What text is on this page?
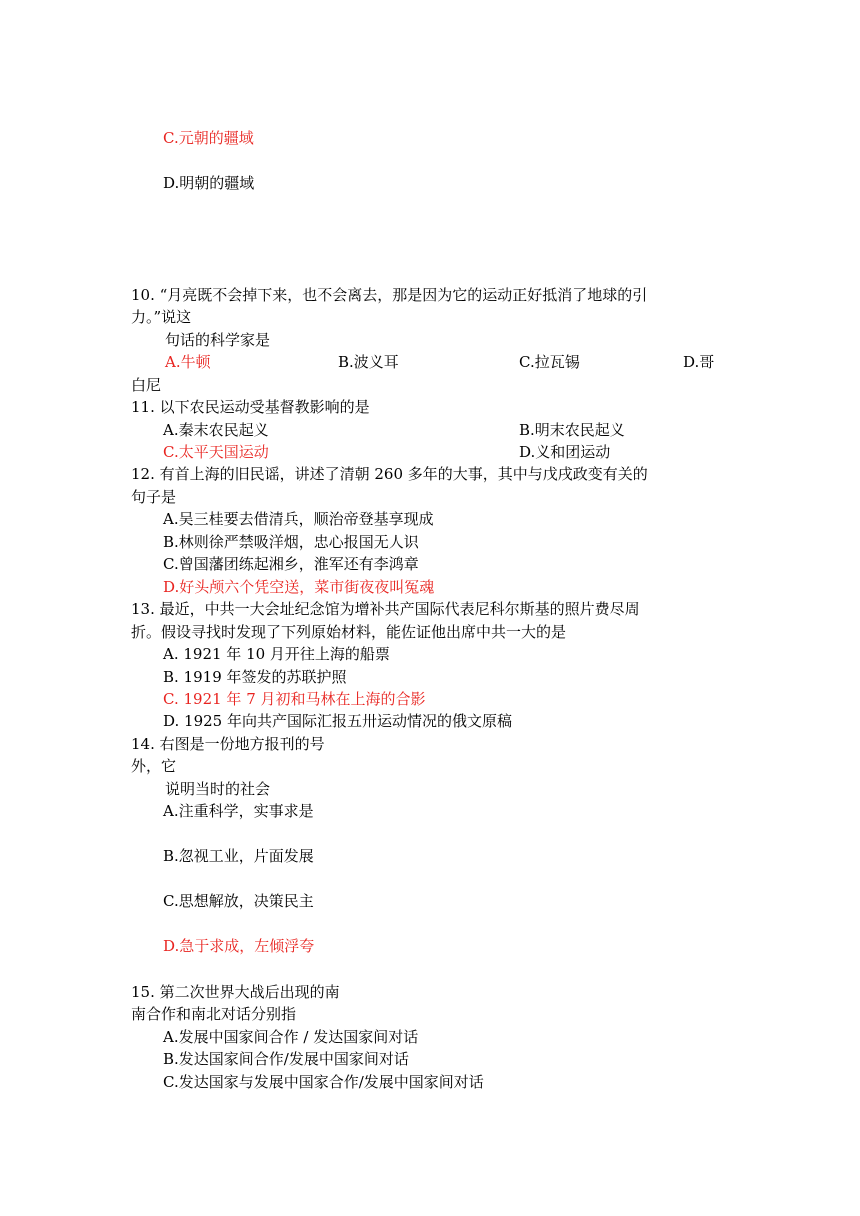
C.元朝的疆域
D.明朝的疆域
10. “月亮既不会掉下来，也不会离去，那是因为它的运动正好抵消了地球的引
力。”说这
句话的科学家是
A.牛顿	B.波义耳	C.拉瓦锡	D.哥
白尼
11. 以下农民运动受基督教影响的是
A.秦末农民起义	B.明末农民起义
C.太平天国运动	D.义和团运动
12. 有首上海的旧民谣，讲述了清朝 260 多年的大事，其中与戊戌政变有关的
句子是
A.吴三桂要去借清兵，顺治帝登基享现成
B.林则徐严禁吸洋烟，忠心报国无人识
C.曾国藩团练起湘乡，淮军还有李鸿章
D.好头颅六个凭空送，菜市街夜夜叫冤魂
13. 最近，中共一大会址纪念馆为增补共产国际代表尼科尔斯基的照片费尽周
折。假设寻找时发现了下列原始材料，能佐证他出席中共一大的是
A. 1921 年 10 月开往上海的船票
B. 1919 年签发的苏联护照
C. 1921 年 7 月初和马林在上海的合影
D. 1925 年向共产国际汇报五卅运动情况的俄文原稿
14. 右图是一份地方报刊的号
外，它
说明当时的社会
A.注重科学，实事求是
B.忽视工业，片面发展
C.思想解放，决策民主
D.急于求成，左倾浮夸
15. 第二次世界大战后出现的南
南合作和南北对话分别指
A.发展中国家间合作 / 发达国家间对话
B.发达国家间合作/发展中国家间对话
C.发达国家与发展中国家合作/发展中国家间对话
